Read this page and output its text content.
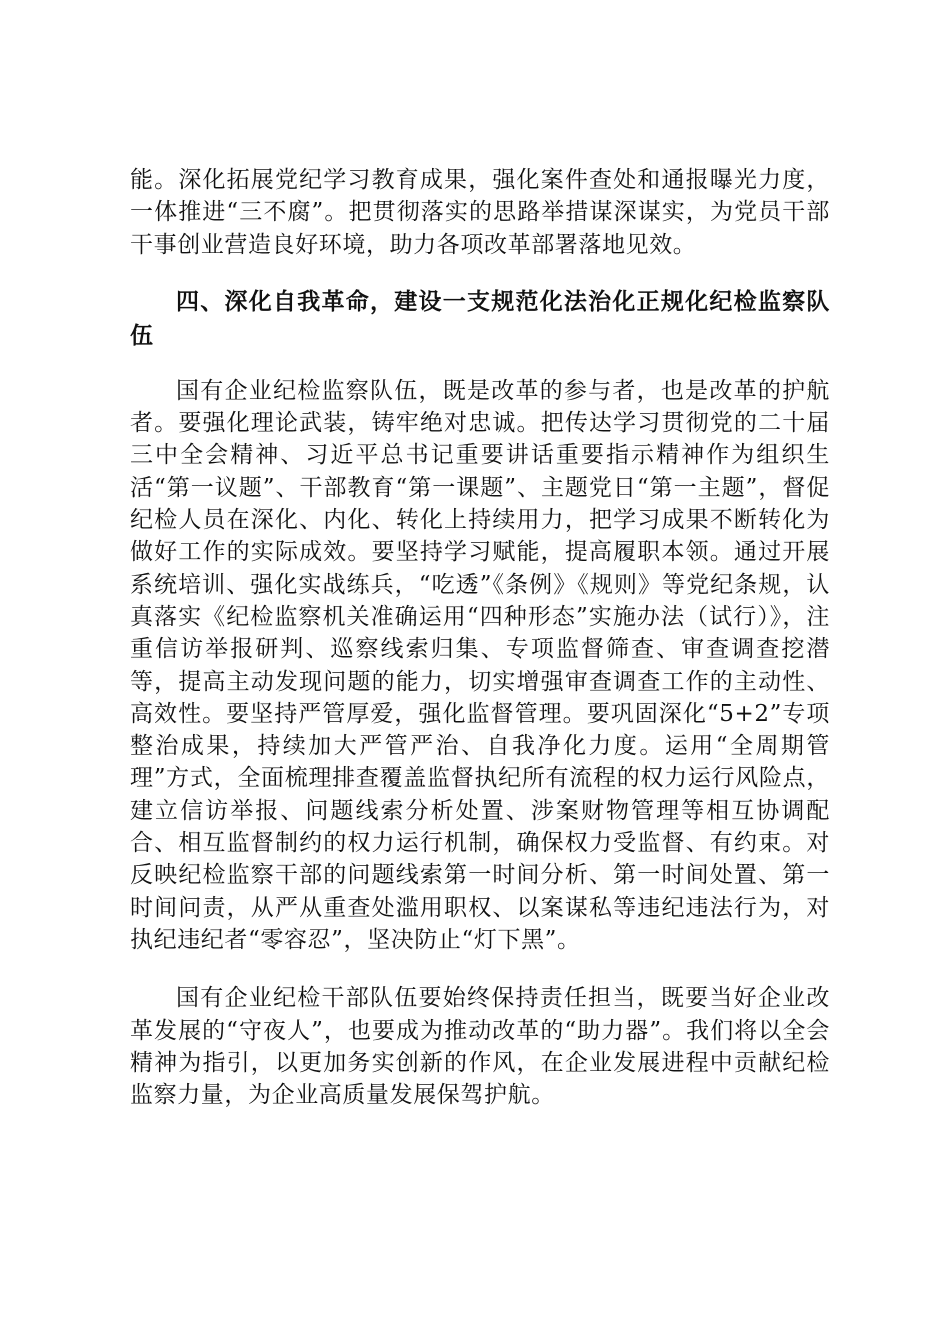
能。深化拓展党纪学习教育成果，强化案件查处和通报曝光力度，一体推进“三不腐”。把贯彻落实的思路举措谋深谋实，为党员干部干事创业营造良好环境，助力各项改革部署落地见效。

四、深化自我革命，建设一支规范化法治化正规化纪检监察队伍

国有企业纪检监察队伍，既是改革的参与者，也是改革的护航者。要强化理论武装，铸牢绝对忠诚。把传达学习贯彻党的二十届三中全会精神、习近平总书记重要讲话重要指示精神作为组织生活“第一议题”、干部教育“第一课题”、主题党日“第一主题”，督促纪检人员在深化、内化、转化上持续用力，把学习成果不断转化为做好工作的实际成效。要坚持学习赋能，提高履职本领。通过开展系统培训、强化实战练兵，“吃透”《条例》《规则》等党纪条规，认真落实《纪检监察机关准确运用“四种形态”实施办法（试行）》，注重信访举报研判、巡察线索归集、专项监督筛查、审查调查挖潜等，提高主动发现问题的能力，切实增强审查调查工作的主动性、高效性。要坚持严管厚爱，强化监督管理。要巩固深化“5+2”专项整治成果，持续加大严管严治、自我净化力度。运用“全周期管理”方式，全面梳理排查覆盖监督执纪所有流程的权力运行风险点，建立信访举报、问题线索分析处置、涉案财物管理等相互协调配合、相互监督制约的权力运行机制，确保权力受监督、有约束。对反映纪检监察干部的问题线索第一时间分析、第一时间处置、第一时间问责，从严从重查处滥用职权、以案谋私等违纪违法行为，对执纪违纪者“零容忍”，坚决防止“灯下黑”。

国有企业纪检干部队伍要始终保持责任担当，既要当好企业改革发展的“守夜人”，也要成为推动改革的“助力器”。我们将以全会精神为指引，以更加务实创新的作风，在企业发展进程中贡献纪检监察力量，为企业高质量发展保驾护航。
